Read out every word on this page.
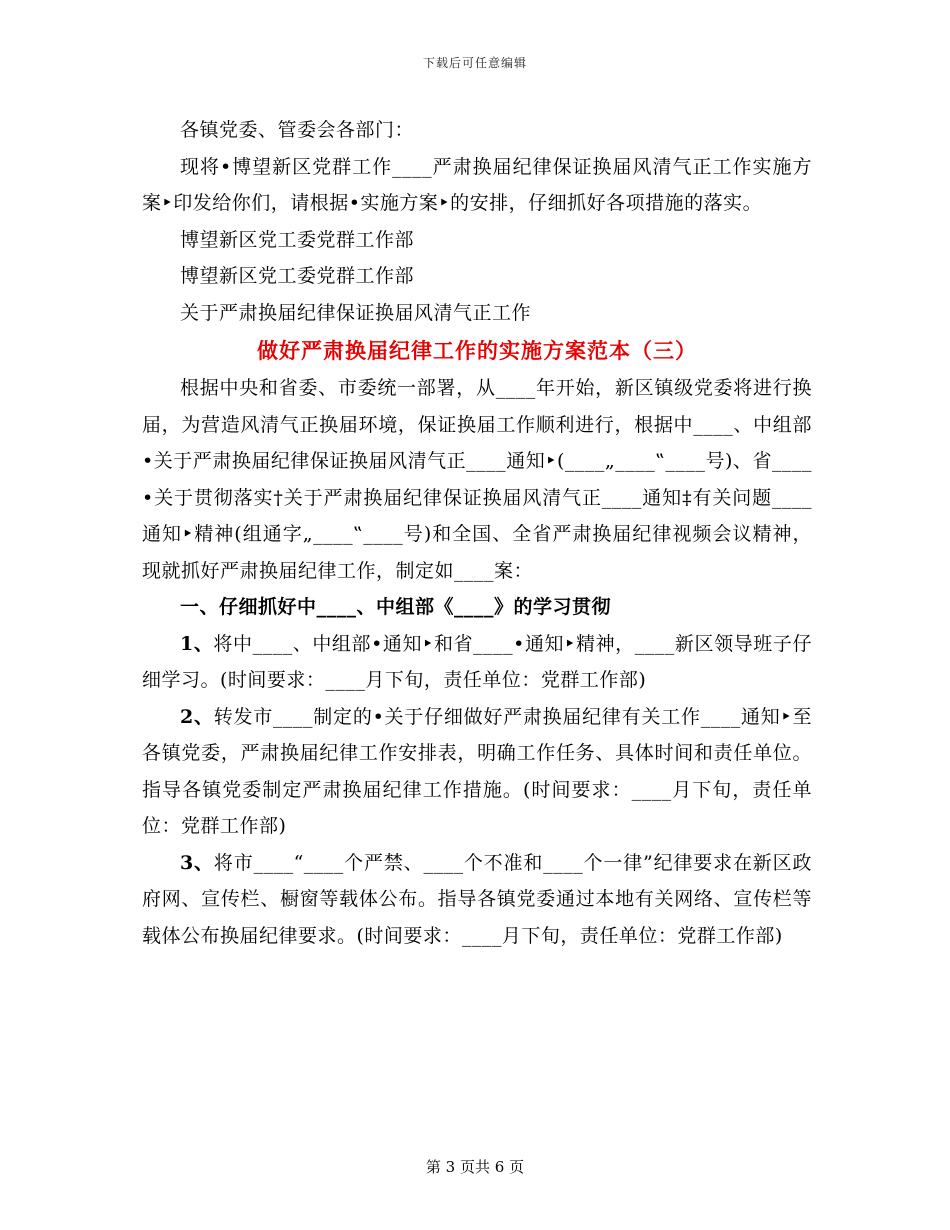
下载后可任意编辑

各镇党委、管委会各部门：

现将•博望新区党群工作____严肃换届纪律保证换届风清气正工作实施方案‣印发给你们，请根据•实施方案‣的安排，仔细抓好各项措施的落实。

博望新区党工委党群工作部

博望新区党工委党群工作部

关于严肃换届纪律保证换届风清气正工作

做好严肃换届纪律工作的实施方案范本（三）

根据中央和省委、市委统一部署，从____年开始，新区镇级党委将进行换届，为营造风清气正换届环境，保证换届工作顺利进行，根据中____、中组部•关于严肃换届纪律保证换届风清气正____通知‣(____„____‟____号)、省____•关于贯彻落实†关于严肃换届纪律保证换届风清气正____通知‡有关问题____通知‣精神(组通字„____‟____号)和全国、全省严肃换届纪律视频会议精神，现就抓好严肃换届纪律工作，制定如____案：

一、仔细抓好中____、中组部《____》的学习贯彻

1、将中____、中组部•通知‣和省____•通知‣精神，____新区领导班子仔细学习。(时间要求：____月下旬，责任单位：党群工作部)

2、转发市____制定的•关于仔细做好严肃换届纪律有关工作____通知‣至各镇党委，严肃换届纪律工作安排表，明确工作任务、具体时间和责任单位。指导各镇党委制定严肃换届纪律工作措施。(时间要求：____月下旬，责任单位：党群工作部)

3、将市____“____个严禁、____个不准和____个一律”纪律要求在新区政府网、宣传栏、橱窗等载体公布。指导各镇党委通过本地有关网络、宣传栏等载体公布换届纪律要求。(时间要求：____月下旬，责任单位：党群工作部)

第 3 页共 6 页
